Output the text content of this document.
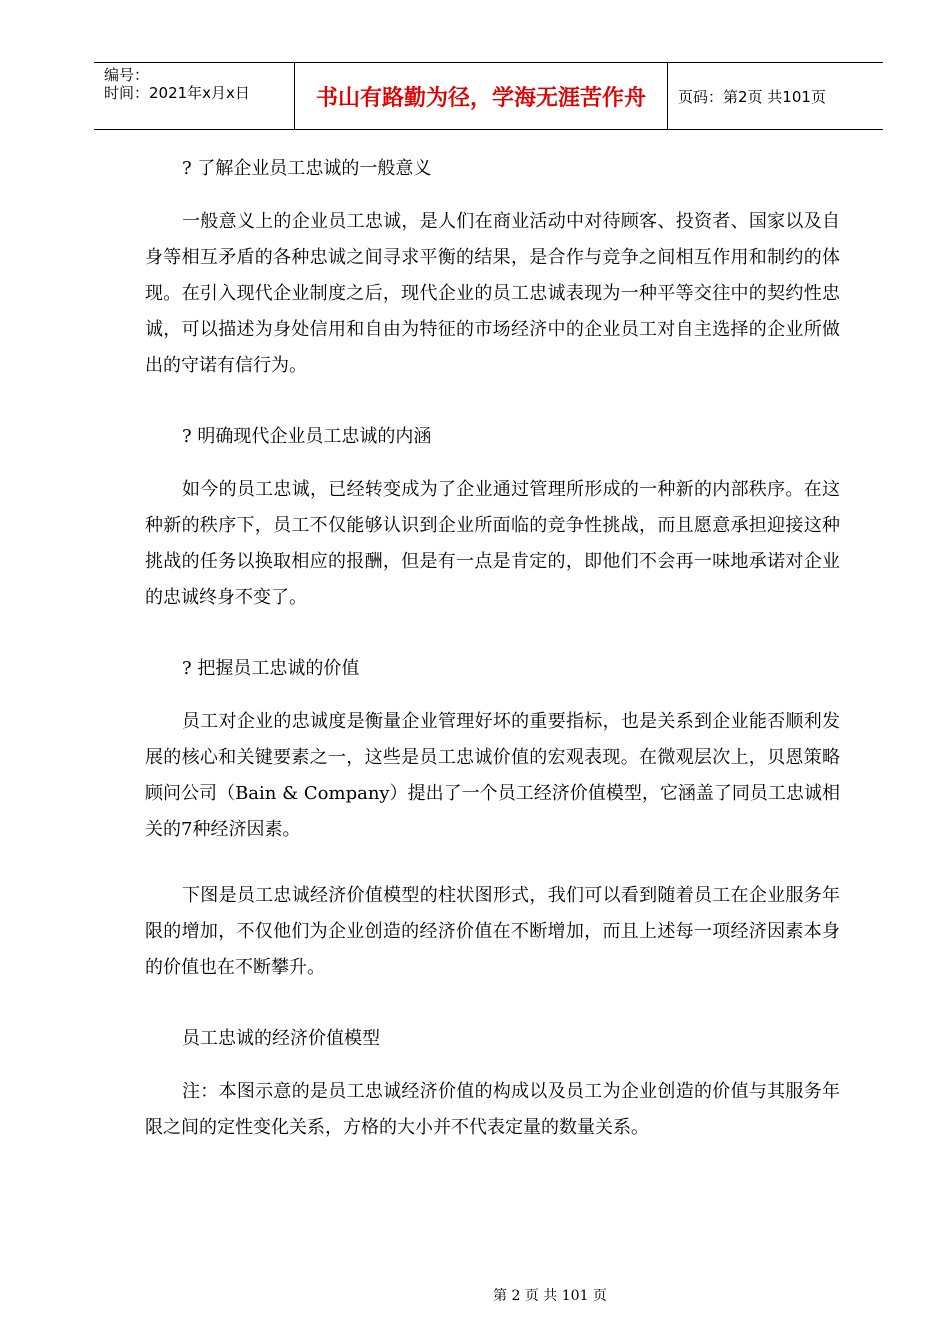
编号：
时间：2021年x月x日	书山有路勤为径，学海无涯苦作舟	页码：第2页 共101页

? 了解企业员工忠诚的一般意义

一般意义上的企业员工忠诚，是人们在商业活动中对待顾客、投资者、国家以及自身等相互矛盾的各种忠诚之间寻求平衡的结果，是合作与竞争之间相互作用和制约的体现。在引入现代企业制度之后，现代企业的员工忠诚表现为一种平等交往中的契约性忠诚，可以描述为身处信用和自由为特征的市场经济中的企业员工对自主选择的企业所做出的守诺有信行为。

? 明确现代企业员工忠诚的内涵

如今的员工忠诚，已经转变成为了企业通过管理所形成的一种新的内部秩序。在这种新的秩序下，员工不仅能够认识到企业所面临的竞争性挑战，而且愿意承担迎接这种挑战的任务以换取相应的报酬，但是有一点是肯定的，即他们不会再一味地承诺对企业的忠诚终身不变了。

? 把握员工忠诚的价值

员工对企业的忠诚度是衡量企业管理好坏的重要指标，也是关系到企业能否顺利发展的核心和关键要素之一，这些是员工忠诚价值的宏观表现。在微观层次上，贝恩策略顾问公司（Bain & Company）提出了一个员工经济价值模型，它涵盖了同员工忠诚相关的7种经济因素。

下图是员工忠诚经济价值模型的柱状图形式，我们可以看到随着员工在企业服务年限的增加，不仅他们为企业创造的经济价值在不断增加，而且上述每一项经济因素本身的价值也在不断攀升。

员工忠诚的经济价值模型

注：本图示意的是员工忠诚经济价值的构成以及员工为企业创造的价值与其服务年限之间的定性变化关系，方格的大小并不代表定量的数量关系。

第 2 页 共 101 页
